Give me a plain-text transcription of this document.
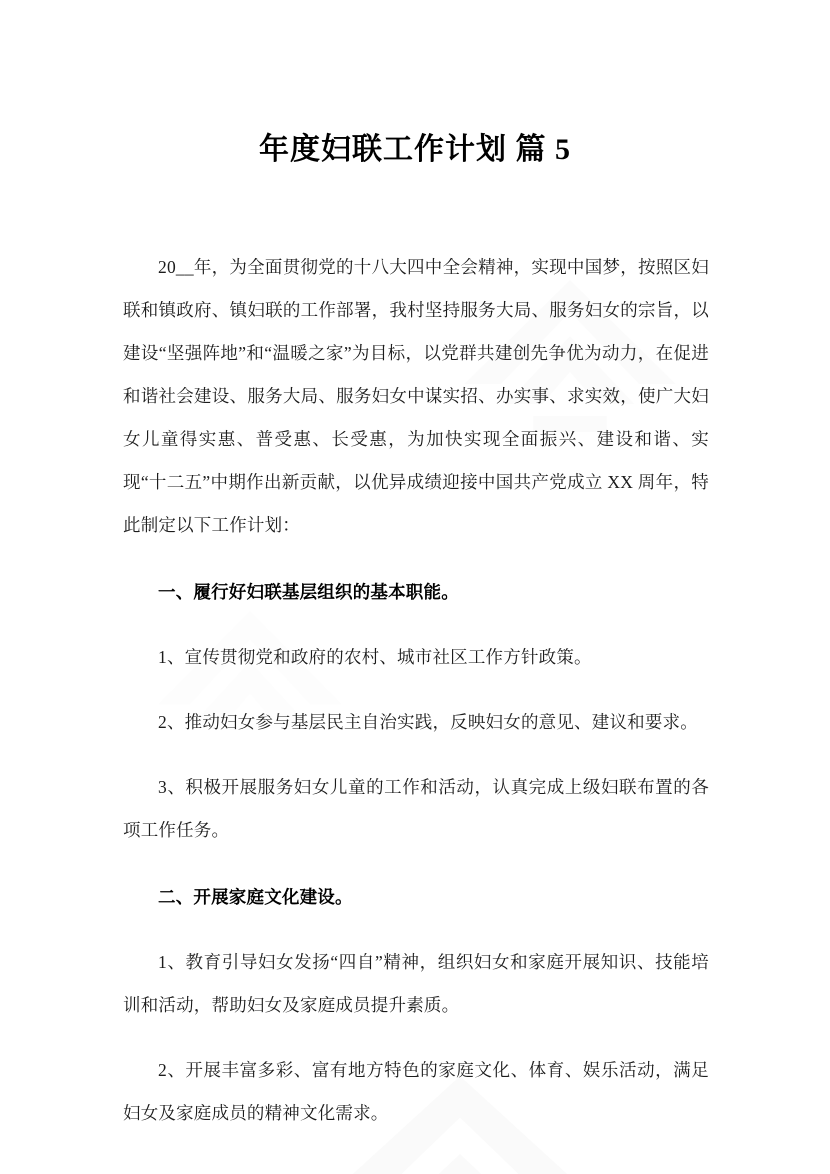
年度妇联工作计划 篇 5

20__年，为全面贯彻党的十八大四中全会精神，实现中国梦，按照区妇联和镇政府、镇妇联的工作部署，我村坚持服务大局、服务妇女的宗旨，以建设“坚强阵地”和“温暖之家”为目标，以党群共建创先争优为动力，在促进和谐社会建设、服务大局、服务妇女中谋实招、办实事、求实效，使广大妇女儿童得实惠、普受惠、长受惠，为加快实现全面振兴、建设和谐、实现“十二五”中期作出新贡献，以优异成绩迎接中国共产党成立 XX 周年，特此制定以下工作计划：

一、履行好妇联基层组织的基本职能。

1、宣传贯彻党和政府的农村、城市社区工作方针政策。

2、推动妇女参与基层民主自治实践，反映妇女的意见、建议和要求。

3、积极开展服务妇女儿童的工作和活动，认真完成上级妇联布置的各项工作任务。

二、开展家庭文化建设。

1、教育引导妇女发扬“四自”精神，组织妇女和家庭开展知识、技能培训和活动，帮助妇女及家庭成员提升素质。

2、开展丰富多彩、富有地方特色的家庭文化、体育、娱乐活动，满足妇女及家庭成员的精神文化需求。
